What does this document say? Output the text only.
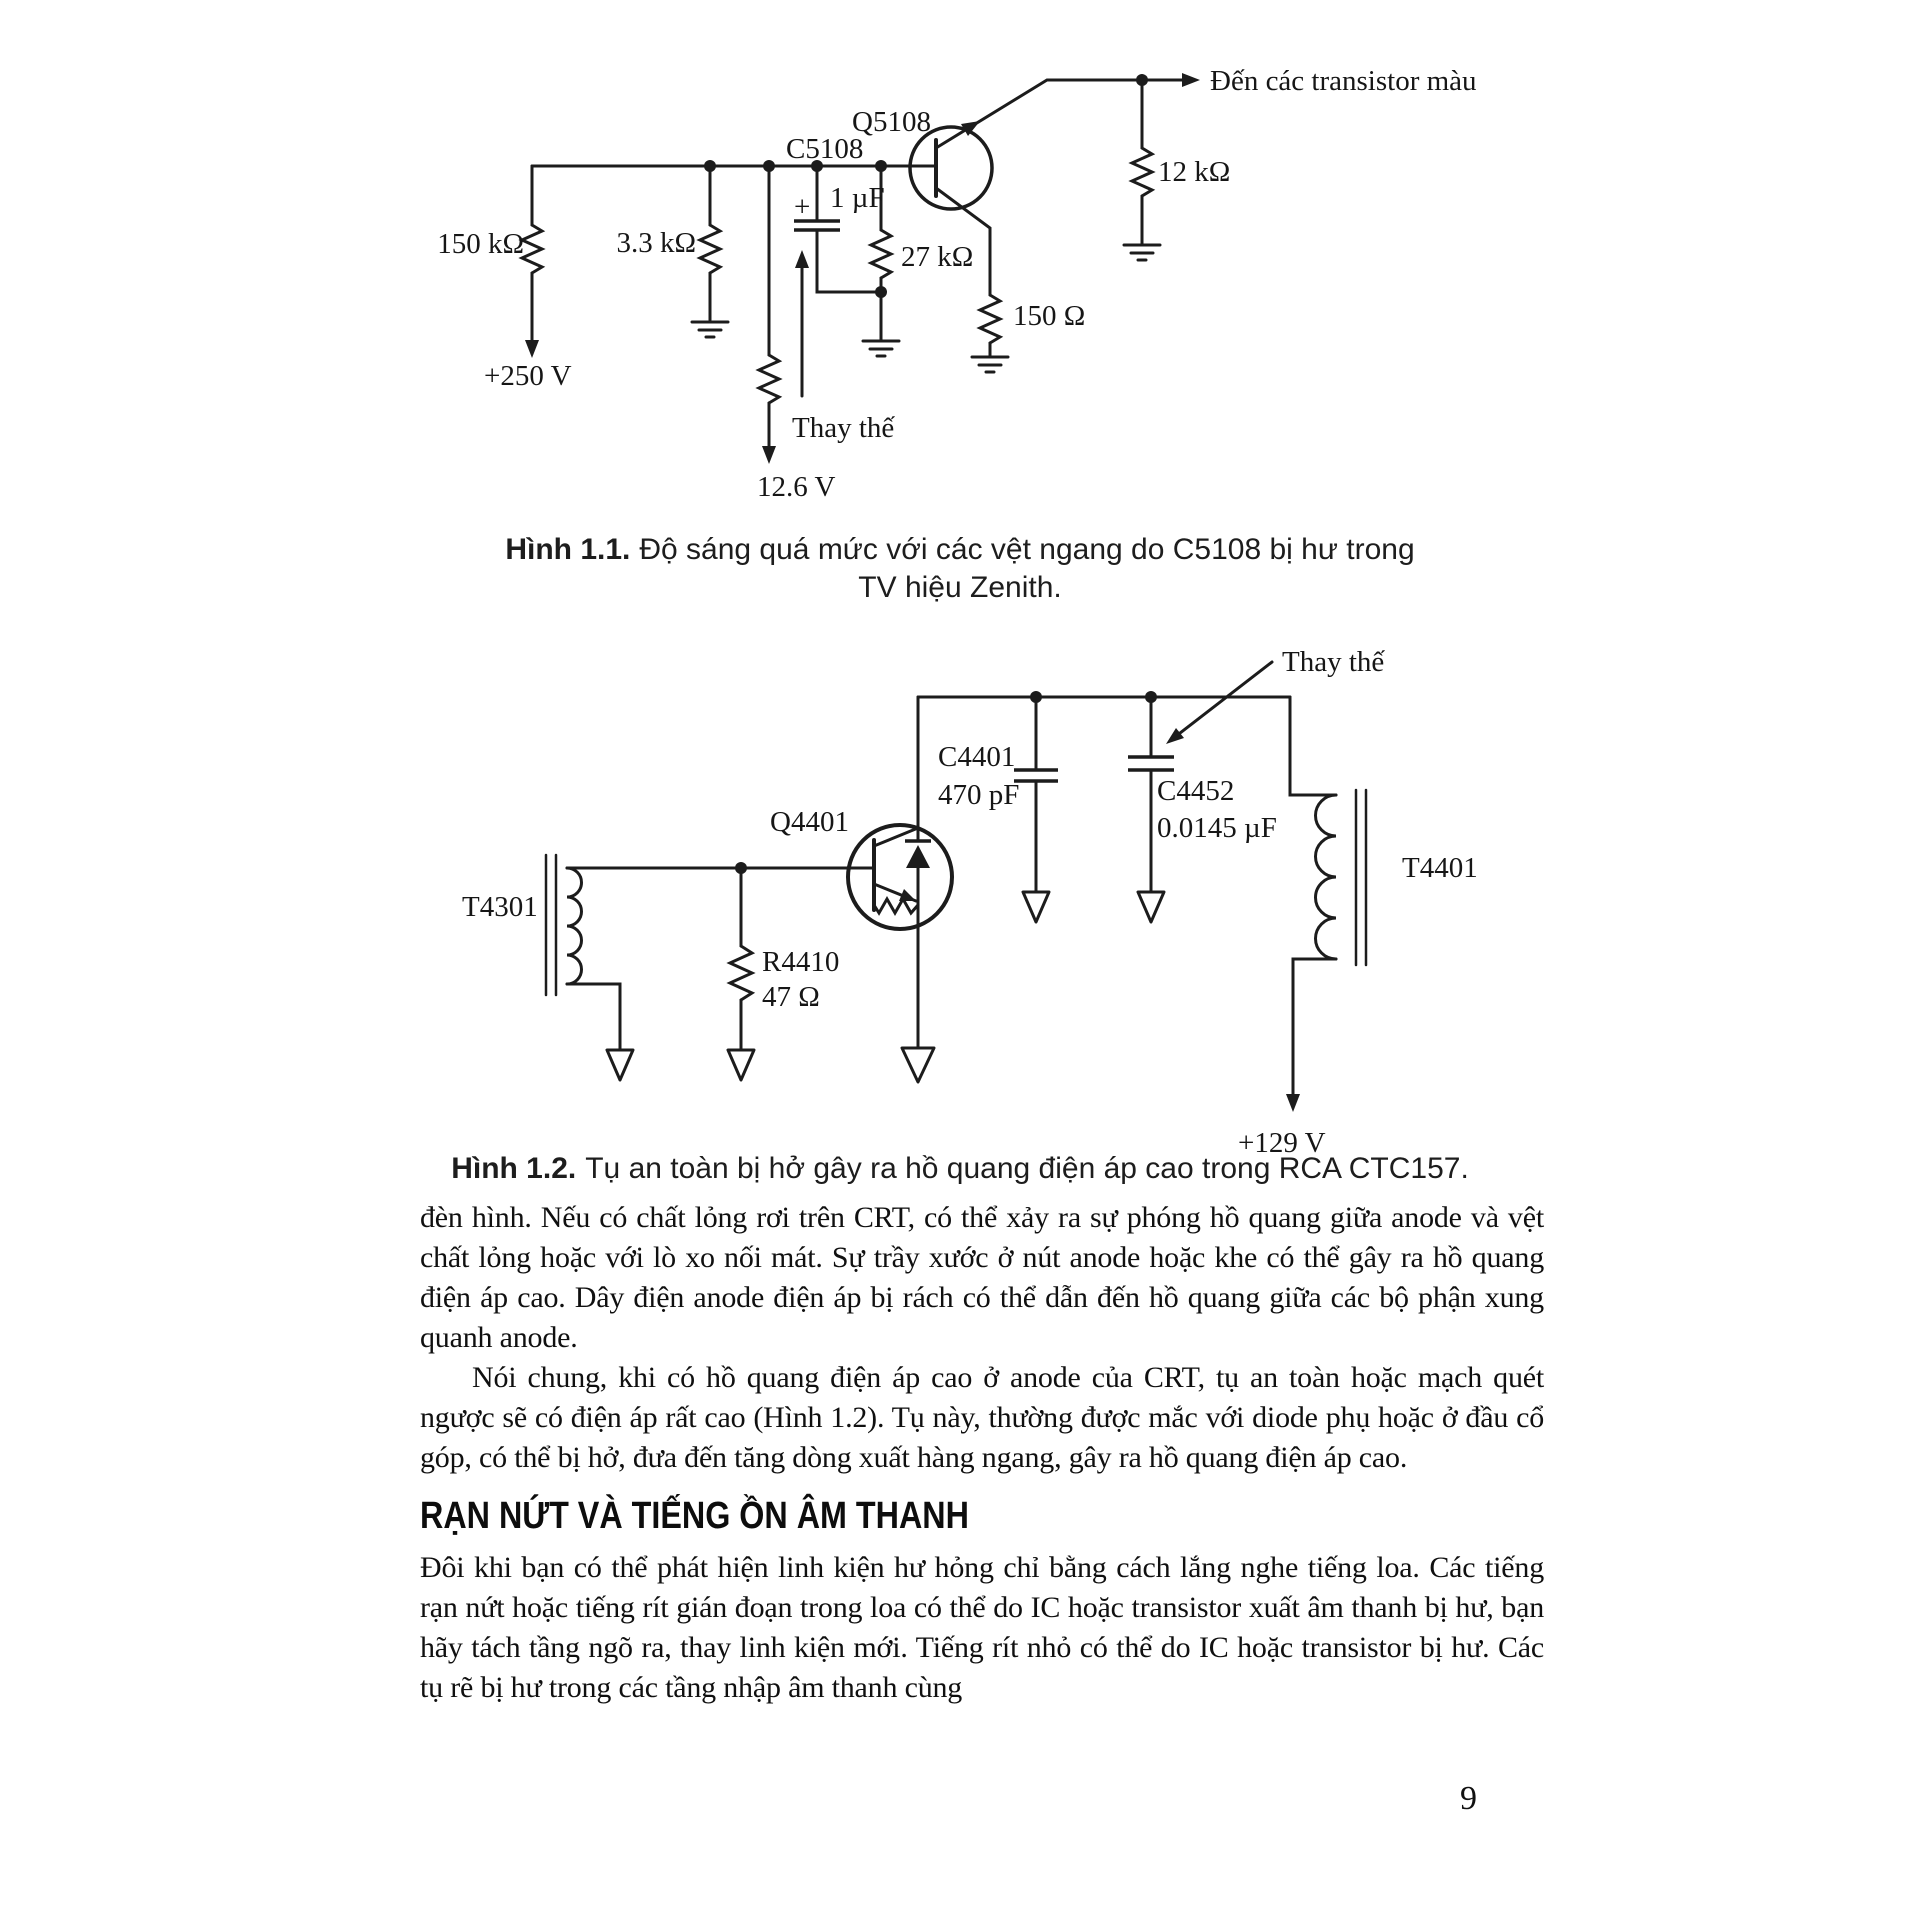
Đến các transistor màu
Q5108
C5108
1 µF
+
150 kΩ
+250 V
3.3 kΩ	27 kΩ
150 Ω
12 kΩ
Thay thế
12.6 V
Hình 1.1. Độ sáng quá mức với các vệt ngang do C5108 bị hư trong
TV hiệu Zenith.
T4301
Q4401
C4401
470 pF	C4452
0.0145 µF
R4410
47 Ω
T4401
Thay thế
+129 V
Hình 1.2. Tụ an toàn bị hở gây ra hồ quang điện áp cao trong RCA CTC157.

đèn hình. Nếu có chất lỏng rơi trên CRT, có thể xảy ra sự phóng hồ quang giữa anode và vệt chất lỏng hoặc với lò xo nối mát. Sự trầy xước ở nút anode hoặc khe có thể gây ra hồ quang điện áp cao. Dây điện anode điện áp bị rách có thể dẫn đến hồ quang giữa các bộ phận xung quanh anode.

Nói chung, khi có hồ quang điện áp cao ở anode của CRT, tụ an toàn hoặc mạch quét ngược sẽ có điện áp rất cao (Hình 1.2). Tụ này, thường được mắc với diode phụ hoặc ở đầu cổ góp, có thể bị hở, đưa đến tăng dòng xuất hàng ngang, gây ra hồ quang điện áp cao.

RẠN NỨT VÀ TIẾNG ỒN ÂM THANH

Đôi khi bạn có thể phát hiện linh kiện hư hỏng chỉ bằng cách lắng nghe tiếng loa. Các tiếng rạn nứt hoặc tiếng rít gián đoạn trong loa có thể do IC hoặc transistor xuất âm thanh bị hư, bạn hãy tách tầng ngõ ra, thay linh kiện mới. Tiếng rít nhỏ có thể do IC hoặc transistor bị hư. Các tụ rẽ bị hư trong các tầng nhập âm thanh cùng

9
